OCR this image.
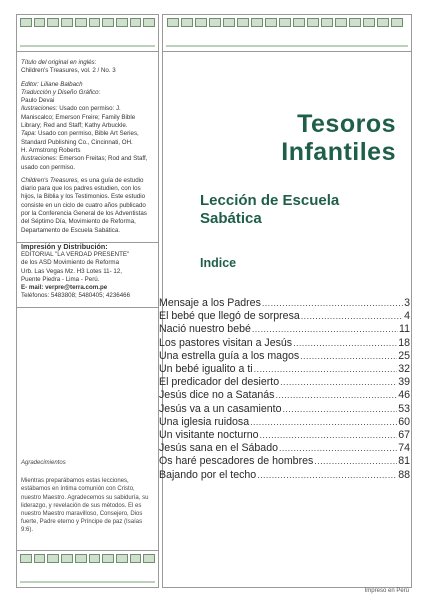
Título del original en inglés:

Children's Treasures, vol. 2 / No. 3

Editor: Liliane Balbach

Traducción y Diseño Gráfico:

Paulo Devai

Ilustraciones: Usado con permiso: J. Maniscalco; Emerson Freire; Family Bible Library; Red and Staff; Kathy Arbuckle.

Tapa: Usado con permiso, Bible Art Series, Standard Publishing Co., Cincinnati, OH.

H. Armstrong Roberts

Ilustraciones: Emerson Freitas; Rod and Staff, usado con permiso.

Children's Treasures, es una guía de estudio diario para que los padres estudien, con los hijos, la Biblia y los Testimonios. Este estudio consiste en un ciclo de cuatro años publicado por la Conferencia General de los Adventistas del Séptimo Día, Movimiento de Reforma, Departamento de Escuela Sabática.

Impresión y Distribución:

EDITORIAL "LA VERDAD PRESENTE"

de los ASD Movimiento de Reforma

Urb. Las Vegas Mz. H3 Lotes 11- 12,

Puente Piedra - Lima - Perú.

E- mail: verpre@terra.com.pe

Teléfonos: 5483808; 5480405; 4236466

Agradecimientos

Mientras preparábamos estas lecciones, estábamos en íntima comunión con Cristo, nuestro Maestro. Agradecemos su sabiduría, su liderazgo, y revelación de sus métodos. El es nuestro Maestro maravilloso, Consejero, Dios fuerte, Padre eterno y Príncipe de paz (Isaías 9:6).

Tesoros
Infantiles
Lección de Escuela
Sabática
Indice
Mensaje a los Padres .....	3
El bebé que llegó de sorpresa .....	4
Nació nuestro bebé .....	11
Los pastores visitan a Jesús .....	18
Una estrella guía a los magos .....	25
Un bebé igualito a ti .....	32
El predicador del desierto .....	39
Jesús dice no a Satanás .....	46
Jesús va a un casamiento .....	53
Una iglesia ruidosa .....	60
Un visitante nocturno .....	67
Jesús sana en el Sábado .....	74
Os haré pescadores de hombres .....	81
Bajando por el techo .....	88
Impreso en Perú
